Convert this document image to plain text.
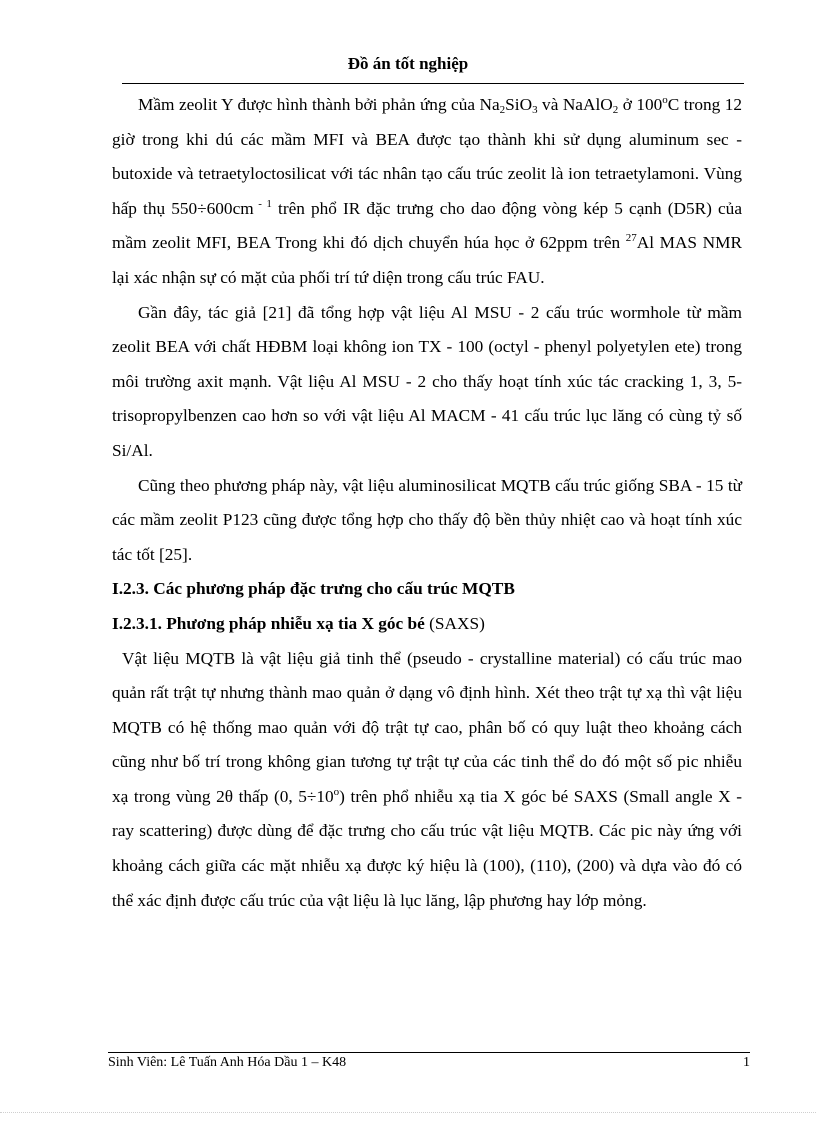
Đồ án tốt nghiệp

Mầm zeolit Y được hình thành bởi phản ứng của $Na_2SiO_3$ và NaAlO$_2$ ở 100$^o$C trong 12 giờ trong khi dú các mầm MFI và BEA được tạo thành khi sử dụng aluminum sec - butoxide và tetraetyloctosilicat với tác nhân tạo cấu trúc zeolit là ion tetraetylamoni. Vùng hấp thụ 550÷600cm $^{- 1}$ trên phổ IR đặc trưng cho dao động vòng kép 5 cạnh (D5R) của mầm zeolit MFI, BEA Trong khi đó dịch chuyển húa học ở 62ppm trên $^{27}$Al MAS NMR lại xác nhận sự có mặt của phối trí tứ diện trong cấu trúc FAU.

Gần đây, tác giả [21] đã tổng hợp vật liệu Al MSU - 2 cấu trúc wormhole từ mầm zeolit BEA với chất HĐBM loại không ion TX - 100 (octyl - phenyl polyetylen ete) trong môi trường axit mạnh. Vật liệu Al MSU - 2 cho thấy hoạt tính xúc tác cracking 1, 3, 5-trisopropylbenzen cao hơn so với vật liệu Al MACM - 41 cấu trúc lục lăng có cùng tỷ số Si/Al.

Cũng theo phương pháp này, vật liệu aluminosilicat MQTB cấu trúc giống SBA - 15 từ các mầm zeolit P123 cũng được tổng hợp cho thấy độ bền thủy nhiệt cao và hoạt tính xúc tác tốt [25].

I.2.3. Các phương pháp đặc trưng cho cấu trúc MQTB

I.2.3.1. Phương pháp nhiễu xạ tia X góc bé (SAXS)

Vật liệu MQTB là vật liệu giả tinh thể (pseudo - crystalline material) có cấu trúc mao quản rất trật tự nhưng thành mao quản ở dạng vô định hình. Xét theo trật tự xạ thì vật liệu MQTB có hệ thống mao quản với độ trật tự cao, phân bố có quy luật theo khoảng cách cũng như bố trí trong không gian tương tự trật tự của các tinh thể do đó một số pic nhiễu xạ trong vùng 2θ thấp (0, $5\div 10^o$) trên phổ nhiễu xạ tia X góc bé SAXS (Small angle X - ray scattering) được dùng để đặc trưng cho cấu trúc vật liệu MQTB. Các pic này ứng với khoảng cách giữa các mặt nhiễu xạ được ký hiệu là (100), (110), (200) và dựa vào đó có thể xác định được cấu trúc của vật liệu là lục lăng, lập phương hay lớp mỏng.

Sinh Viên: Lê Tuấn Anh Hóa Dầu 1 – K48	1
